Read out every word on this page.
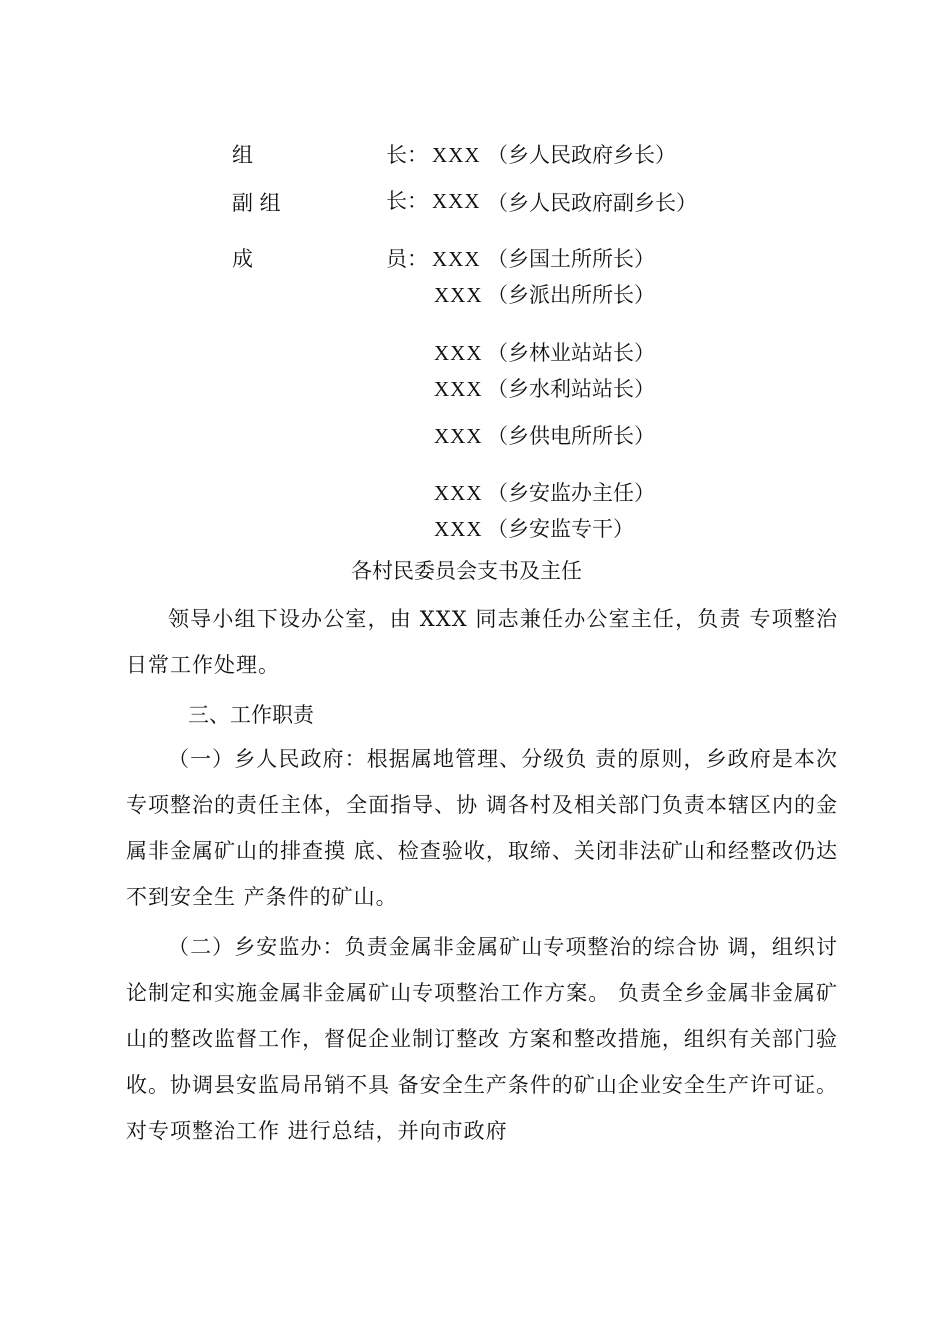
组	长： XXX （乡人民政府乡长）
副 组	长： XXX （乡人民政府副乡长）
成	员： XXX （乡国土所所长）
XXX （乡派出所所长）
XXX （乡林业站站长）
XXX （乡水利站站长）
XXX （乡供电所所长）
XXX （乡安监办主任）
XXX （乡安监专干）
各村民委员会支书及主任
领导小组下设办公室，由 XXX 同志兼任办公室主任，负责 专项整治日常工作处理。
三、工作职责
（一）乡人民政府：根据属地管理、分级负 责的原则，乡政府是本次专项整治的责任主体，全面指导、协 调各村及相关部门负责本辖区内的金属非金属矿山的排查摸 底、检查验收，取缔、关闭非法矿山和经整改仍达不到安全生 产条件的矿山。
（二）乡安监办：负责金属非金属矿山专项整治的综合协 调，组织讨论制定和实施金属非金属矿山专项整治工作方案。 负责全乡金属非金属矿山的整改监督工作，督促企业制订整改 方案和整改措施，组织有关部门验收。协调县安监局吊销不具 备安全生产条件的矿山企业安全生产许可证。对专项整治工作 进行总结，并向市政府
